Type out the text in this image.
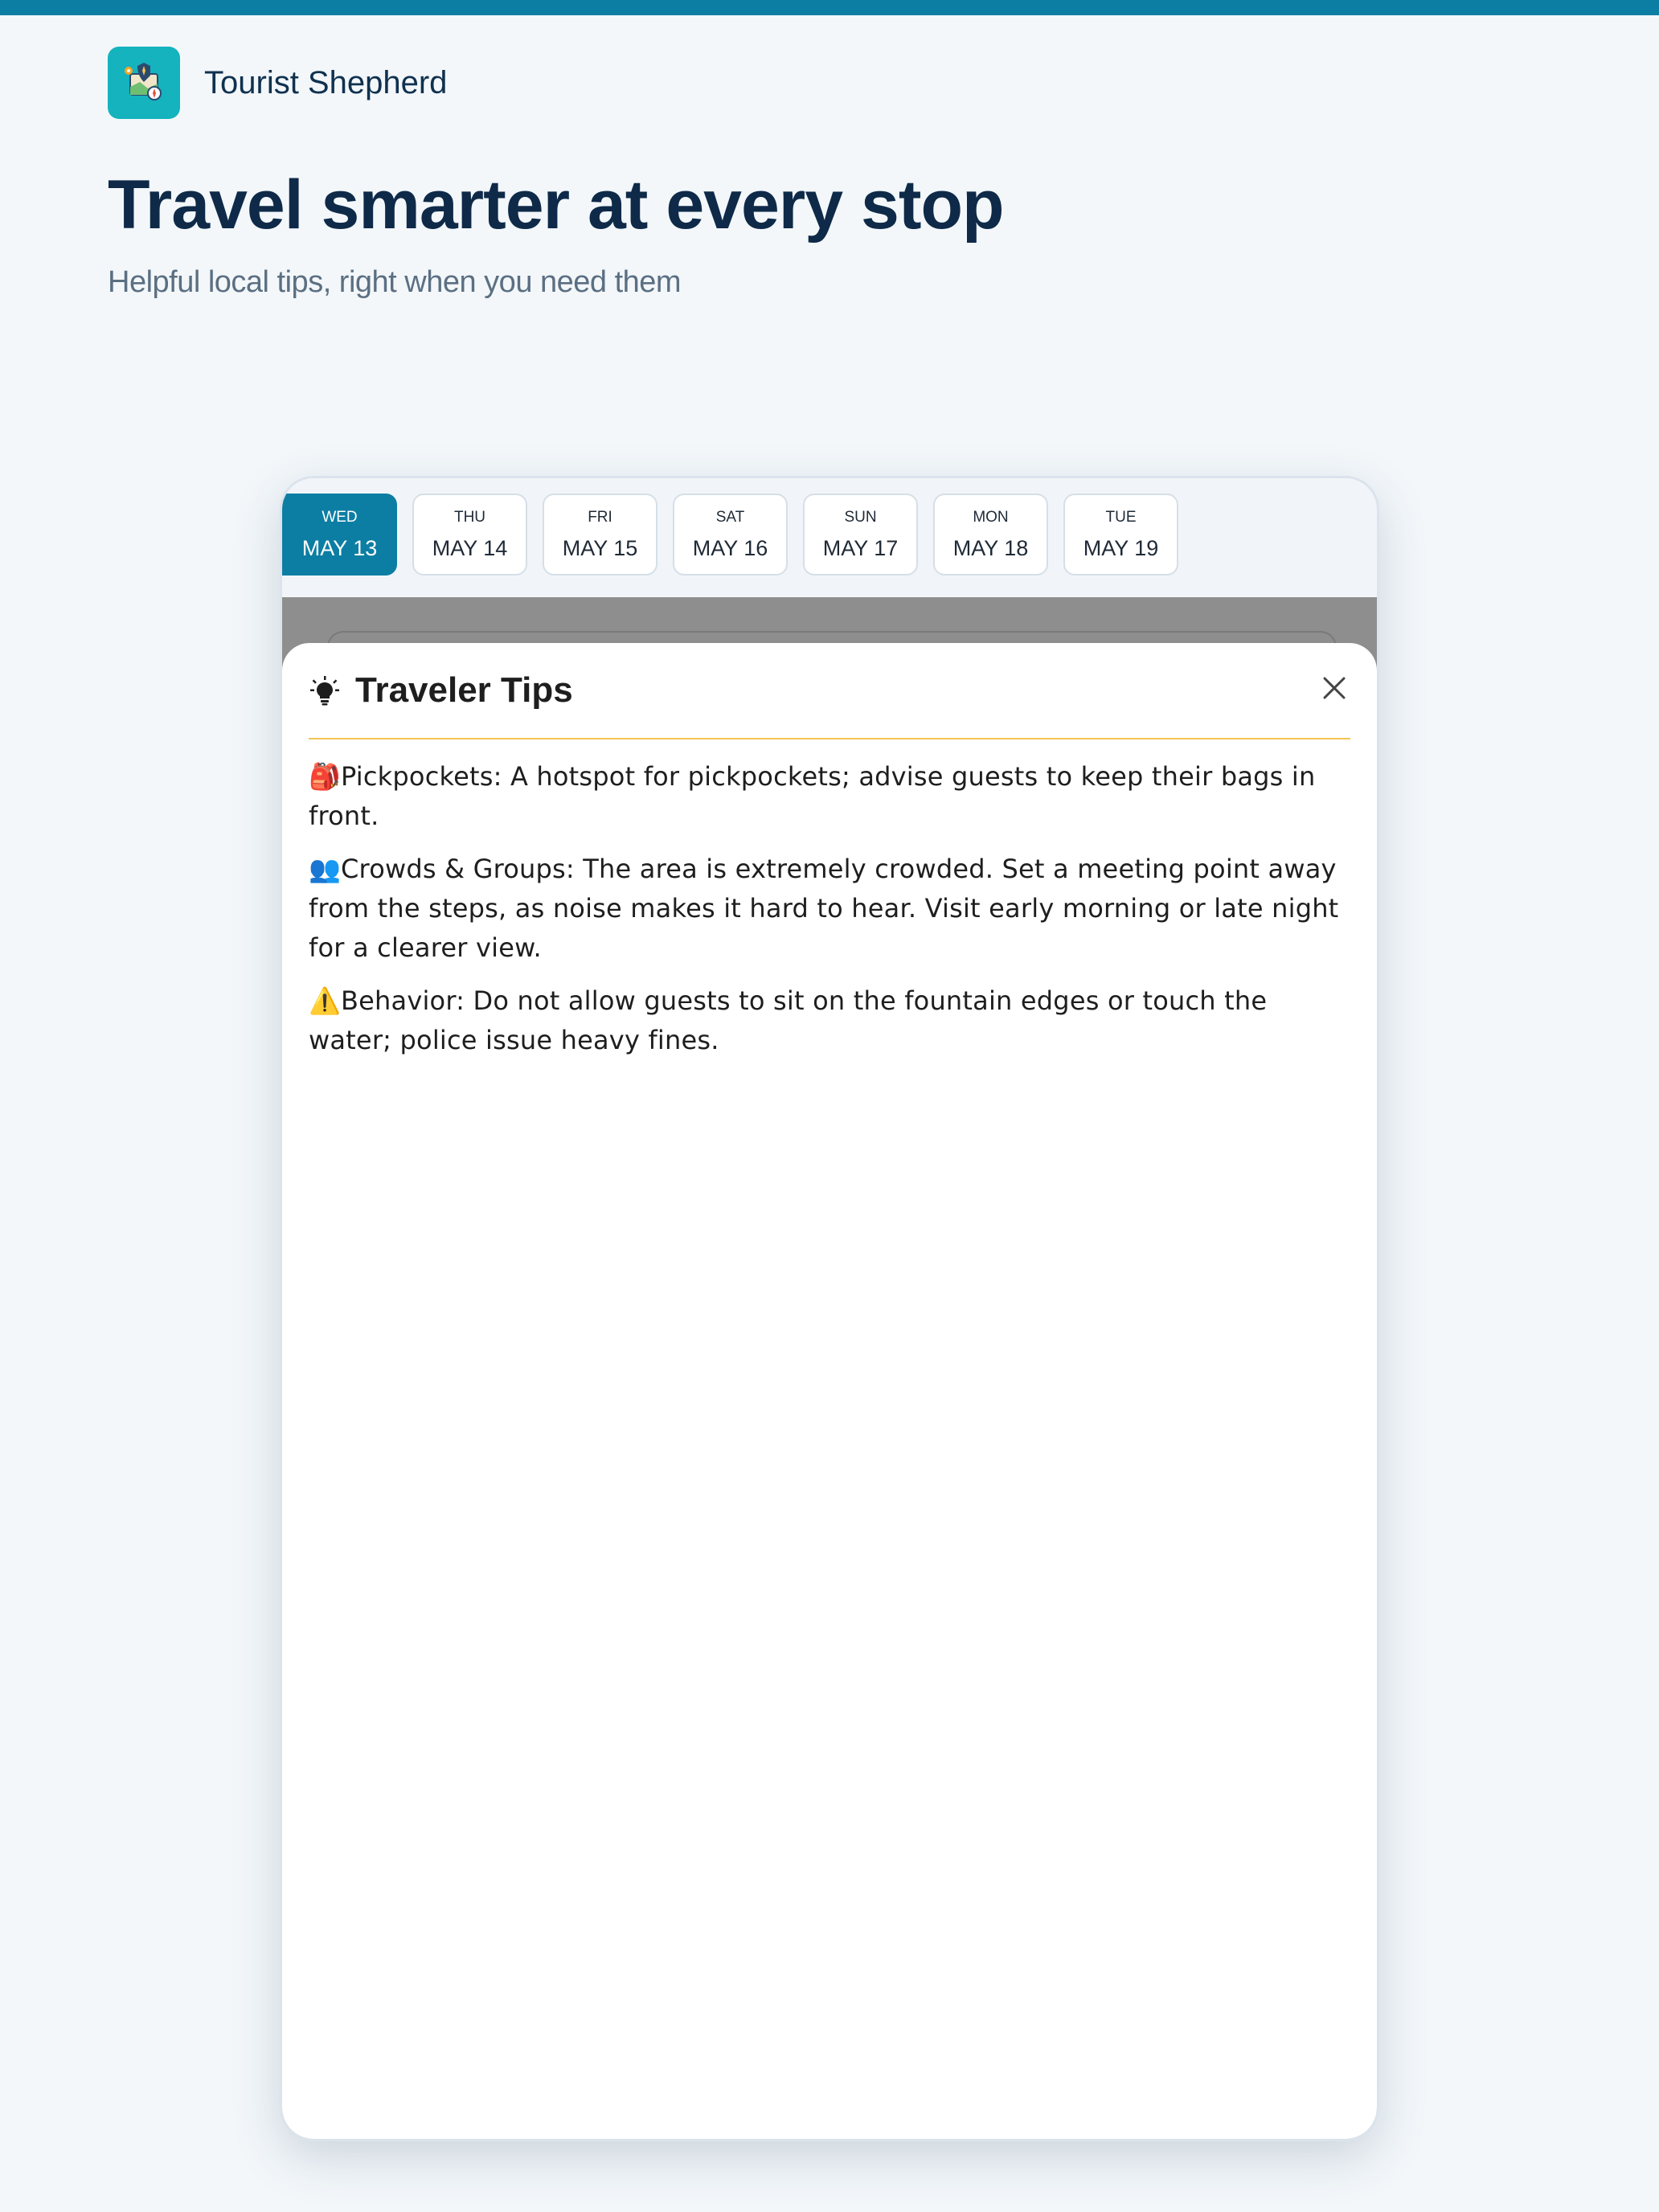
Tourist Shepherd
Travel smarter at every stop

Helpful local tips, right when you need them

WED
MAY 13
THU
MAY 14
FRI
MAY 15
SAT
MAY 16
SUN
MAY 17
MON
MAY 18
TUE
MAY 19
Traveler Tips

🎒Pickpockets: A hotspot for pickpockets; advise guests to keep their bags in front.

👥Crowds & Groups: The area is extremely crowded. Set a meeting point away from the steps, as noise makes it hard to hear. Visit early morning or late night for a clearer view.

⚠️Behavior: Do not allow guests to sit on the fountain edges or touch the water; police issue heavy fines.
